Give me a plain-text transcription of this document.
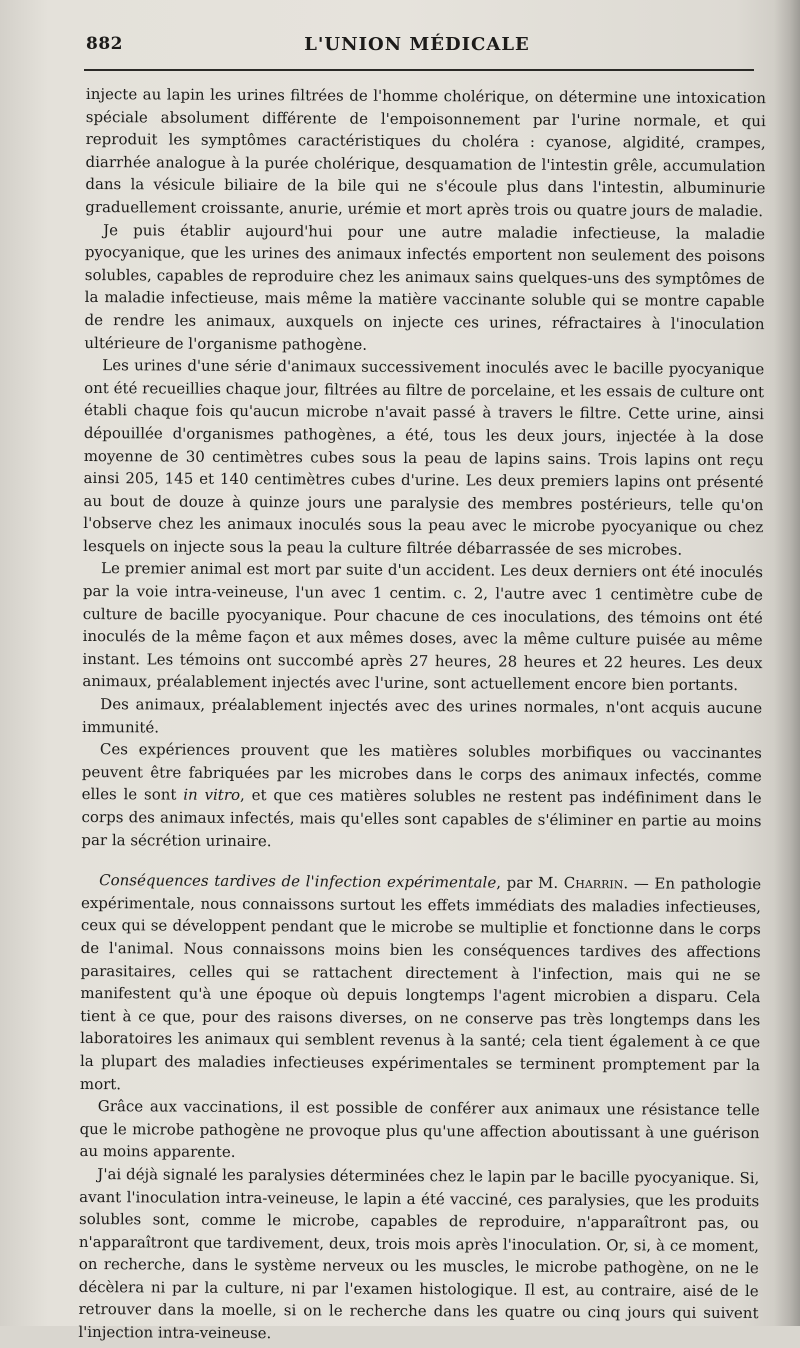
882	L'UNION MÉDICALE

injecte au lapin les urines filtrées de l'homme cholérique, on détermine une intoxication spéciale absolument différente de l'empoisonnement par l'urine normale, et qui reproduit les symptômes caractéristiques du choléra : cyanose, algidité, crampes, diarrhée analogue à la purée cholérique, desquamation de l'intestin grêle, accumulation dans la vésicule biliaire de la bile qui ne s'écoule plus dans l'intestin, albuminurie graduellement croissante, anurie, urémie et mort après trois ou quatre jours de maladie.

Je puis établir aujourd'hui pour une autre maladie infectieuse, la maladie pyocyanique, que les urines des animaux infectés emportent non seulement des poisons solubles, capables de reproduire chez les animaux sains quelques-uns des symptômes de la maladie infectieuse, mais même la matière vaccinante soluble qui se montre capable de rendre les animaux, auxquels on injecte ces urines, réfractaires à l'inoculation ultérieure de l'organisme pathogène.

Les urines d'une série d'animaux successivement inoculés avec le bacille pyocyanique ont été recueillies chaque jour, filtrées au filtre de porcelaine, et les essais de culture ont établi chaque fois qu'aucun microbe n'avait passé à travers le filtre. Cette urine, ainsi dépouillée d'organismes pathogènes, a été, tous les deux jours, injectée à la dose moyenne de 30 centimètres cubes sous la peau de lapins sains. Trois lapins ont reçu ainsi 205, 145 et 140 centimètres cubes d'urine. Les deux premiers lapins ont présenté au bout de douze à quinze jours une paralysie des membres postérieurs, telle qu'on l'observe chez les animaux inoculés sous la peau avec le microbe pyocyanique ou chez lesquels on injecte sous la peau la culture filtrée débarrassée de ses microbes.

Le premier animal est mort par suite d'un accident. Les deux derniers ont été inoculés par la voie intra-veineuse, l'un avec 1 centim. c. 2, l'autre avec 1 centimètre cube de culture de bacille pyocyanique. Pour chacune de ces inoculations, des témoins ont été inoculés de la même façon et aux mêmes doses, avec la même culture puisée au même instant. Les témoins ont succombé après 27 heures, 28 heures et 22 heures. Les deux animaux, préalablement injectés avec l'urine, sont actuellement encore bien portants.

Des animaux, préalablement injectés avec des urines normales, n'ont acquis aucune immunité.

Ces expériences prouvent que les matières solubles morbifiques ou vaccinantes peuvent être fabriquées par les microbes dans le corps des animaux infectés, comme elles le sont in vitro, et que ces matières solubles ne restent pas indéfiniment dans le corps des animaux infectés, mais qu'elles sont capables de s'éliminer en partie au moins par la sécrétion urinaire.

Conséquences tardives de l'infection expérimentale, par M. Charrin. — En pathologie expérimentale, nous connaissons surtout les effets immédiats des maladies infectieuses, ceux qui se développent pendant que le microbe se multiplie et fonctionne dans le corps de l'animal. Nous connaissons moins bien les conséquences tardives des affections parasitaires, celles qui se rattachent directement à l'infection, mais qui ne se manifestent qu'à une époque où depuis longtemps l'agent microbien a disparu. Cela tient à ce que, pour des raisons diverses, on ne conserve pas très longtemps dans les laboratoires les animaux qui semblent revenus à la santé; cela tient également à ce que la plupart des maladies infectieuses expérimentales se terminent promptement par la mort.

Grâce aux vaccinations, il est possible de conférer aux animaux une résistance telle que le microbe pathogène ne provoque plus qu'une affection aboutissant à une guérison au moins apparente.

J'ai déjà signalé les paralysies déterminées chez le lapin par le bacille pyocyanique. Si, avant l'inoculation intra-veineuse, le lapin a été vacciné, ces paralysies, que les produits solubles sont, comme le microbe, capables de reproduire, n'apparaîtront pas, ou n'apparaîtront que tardivement, deux, trois mois après l'inoculation. Or, si, à ce moment, on recherche, dans le système nerveux ou les muscles, le microbe pathogène, on ne le décèlera ni par la culture, ni par l'examen histologique. Il est, au contraire, aisé de le retrouver dans la moelle, si on le recherche dans les quatre ou cinq jours qui suivent l'injection intra-veineuse.
